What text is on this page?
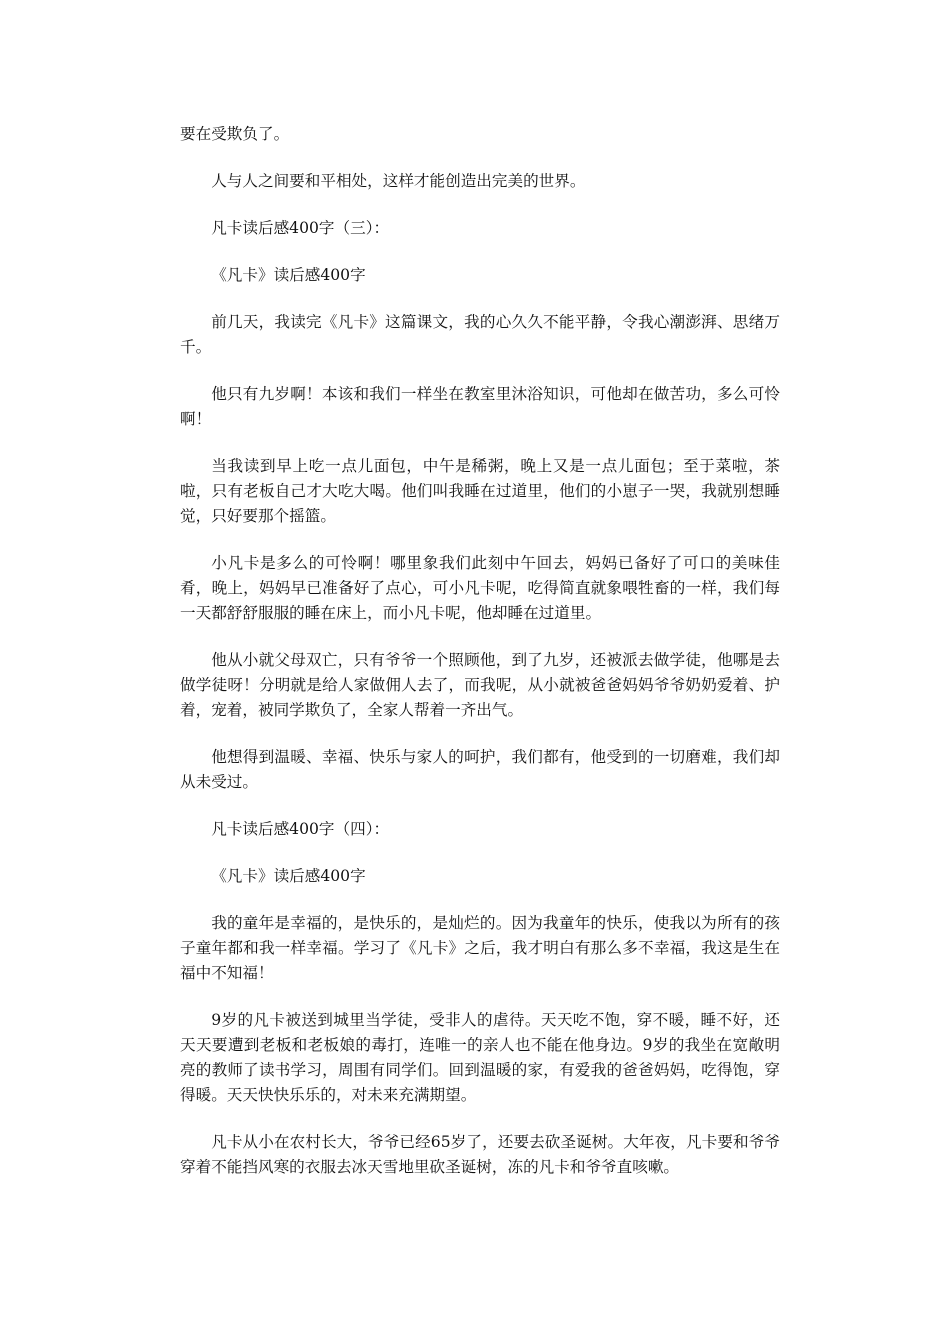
要在受欺负了。

人与人之间要和平相处，这样才能创造出完美的世界。

凡卡读后感400字（三）：

《凡卡》读后感400字

前几天，我读完《凡卡》这篇课文，我的心久久不能平静，令我心潮澎湃、思绪万千。

他只有九岁啊！本该和我们一样坐在教室里沐浴知识，可他却在做苦功，多么可怜啊！

当我读到早上吃一点儿面包，中午是稀粥，晚上又是一点儿面包；至于菜啦，茶啦，只有老板自己才大吃大喝。他们叫我睡在过道里，他们的小崽子一哭，我就别想睡觉，只好要那个摇篮。

小凡卡是多么的可怜啊！哪里象我们此刻中午回去，妈妈已备好了可口的美味佳肴，晚上，妈妈早已准备好了点心，可小凡卡呢，吃得简直就象喂牲畜的一样，我们每一天都舒舒服服的睡在床上，而小凡卡呢，他却睡在过道里。

他从小就父母双亡，只有爷爷一个照顾他，到了九岁，还被派去做学徒，他哪是去做学徒呀！分明就是给人家做佣人去了，而我呢，从小就被爸爸妈妈爷爷奶奶爱着、护着，宠着，被同学欺负了，全家人帮着一齐出气。

他想得到温暖、幸福、快乐与家人的呵护，我们都有，他受到的一切磨难，我们却从未受过。

凡卡读后感400字（四）：

《凡卡》读后感400字

我的童年是幸福的，是快乐的，是灿烂的。因为我童年的快乐，使我以为所有的孩子童年都和我一样幸福。学习了《凡卡》之后，我才明白有那么多不幸福，我这是生在福中不知福！

9岁的凡卡被送到城里当学徒，受非人的虐待。天天吃不饱，穿不暖，睡不好，还天天要遭到老板和老板娘的毒打，连唯一的亲人也不能在他身边。9岁的我坐在宽敞明亮的教师了读书学习，周围有同学们。回到温暖的家，有爱我的爸爸妈妈，吃得饱，穿得暖。天天快快乐乐的，对未来充满期望。

凡卡从小在农村长大，爷爷已经65岁了，还要去砍圣诞树。大年夜，凡卡要和爷爷穿着不能挡风寒的衣服去冰天雪地里砍圣诞树，冻的凡卡和爷爷直咳嗽。
